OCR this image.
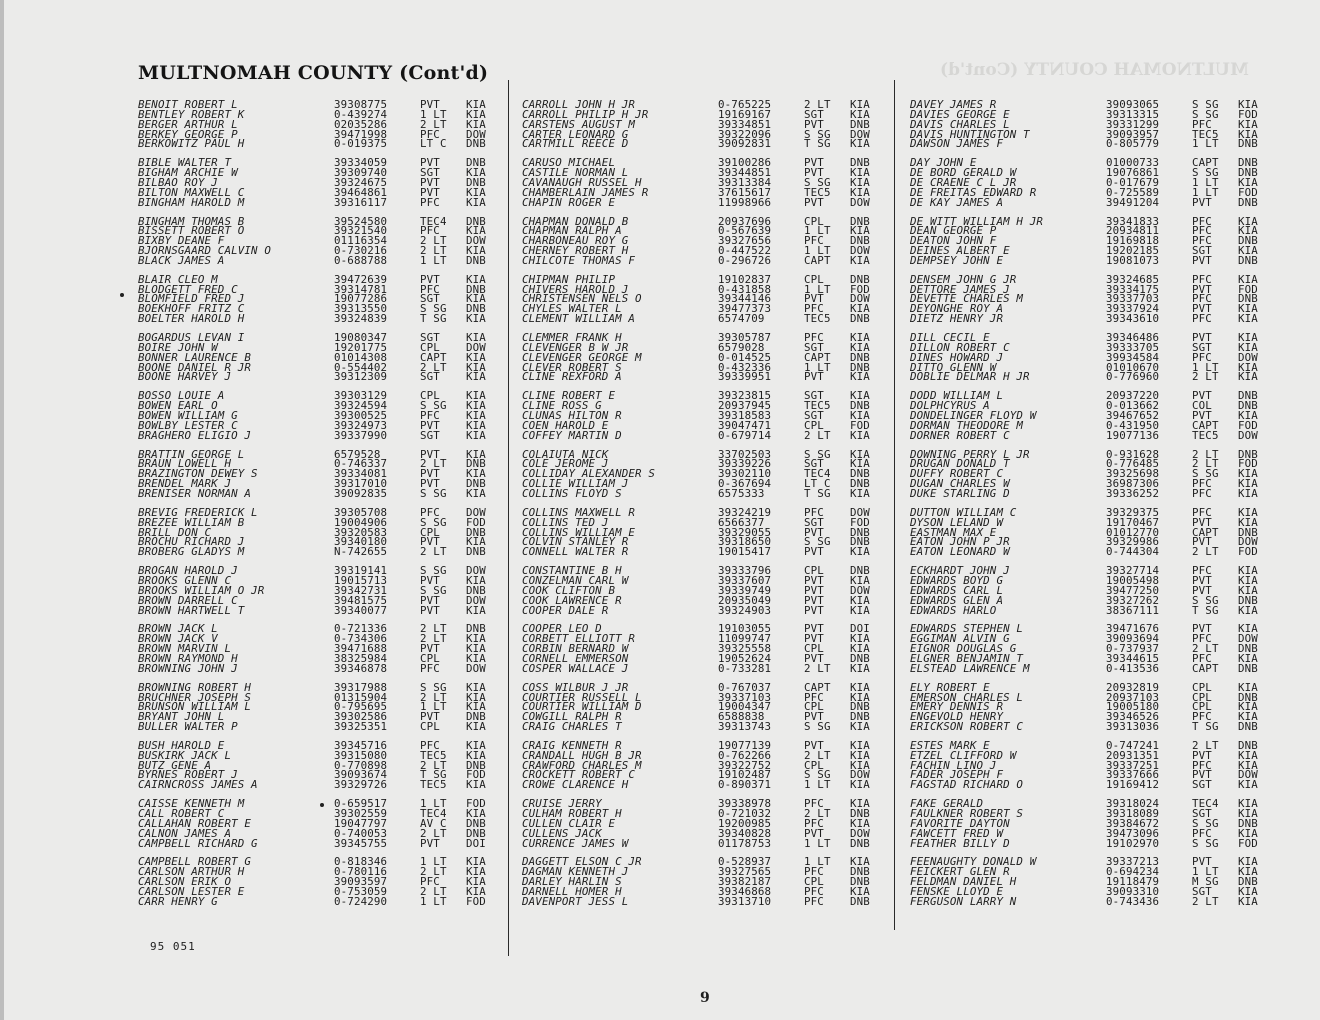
MULTNOMAH COUNTY (Cont'd)
MULTNOMAH COUNTY (Cont'd)
BENOIT ROBERT L	39308775	PVT	KIA
BENTLEY ROBERT K	0-439274	1 LT	KIA
BERGER ARTHUR L	02035286	2 LT	KIA
BERKEY GEORGE P	39471998	PFC	DOW
BERKOWITZ PAUL H	0-019375	LT C	DNB
BIBLE WALTER T	39334059	PVT	DNB
BIGHAM ARCHIE W	39309740	SGT	KIA
BILBAO ROY J	39324675	PVT	DNB
BILTON MAXWELL C	39464861	PVT	KIA
BINGHAM HAROLD M	39316117	PFC	KIA
BINGHAM THOMAS B	39524580	TEC4	DNB
BISSETT ROBERT O	39321540	PFC	KIA
BIXBY DEANE F	01116354	2 LT	DOW
BJORNSGAARD CALVIN O	0-730216	2 LT	KIA
BLACK JAMES A	0-688788	1 LT	DNB
BLAIR CLEO M	39472639	PVT	KIA
BLODGETT FRED C	39314781	PFC	DNB
BLOMFIELD FRED J	19077286	SGT	KIA
BOEKHOFF FRITZ C	39313550	S SG	DNB
BOELTER HAROLD H	39324839	T SG	KIA
BOGARDUS LEVAN I	19080347	SGT	KIA
BOIRE JOHN W	19201775	CPL	DOW
BONNER LAURENCE B	01014308	CAPT	KIA
BOONE DANIEL R JR	0-554402	2 LT	KIA
BOONE HARVEY J	39312309	SGT	KIA
BOSSO LOUIE A	39303129	CPL	KIA
BOWEN EARL O	39324594	S SG	KIA
BOWEN WILLIAM G	39300525	PFC	KIA
BOWLBY LESTER C	39324973	PVT	KIA
BRAGHERO ELIGIO J	39337990	SGT	KIA
BRATTIN GEORGE L	6579528	PVT	KIA
BRAUN LOWELL H	0-746337	2 LT	DNB
BRAZINGTON DEWEY S	39334081	PVT	KIA
BRENDEL MARK J	39317010	PVT	DNB
BRENISER NORMAN A	39092835	S SG	KIA
BREVIG FREDERICK L	39305708	PFC	DOW
BREZEE WILLIAM B	19004906	S SG	FOD
BRILL DON C	39320583	CPL	DNB
BROCHU RICHARD J	39340180	PVT	KIA
BROBERG GLADYS M	N-742655	2 LT	DNB
BROGAN HAROLD J	39319141	S SG	DOW
BROOKS GLENN C	19015713	PVT	KIA
BROOKS WILLIAM O JR	39342731	S SG	DNB
BROWN DARRELL C	39481575	PVT	DOW
BROWN HARTWELL T	39340077	PVT	KIA
BROWN JACK L	0-721336	2 LT	DNB
BROWN JACK V	0-734306	2 LT	KIA
BROWN MARVIN L	39471688	PVT	KIA
BROWN RAYMOND H	38325984	CPL	KIA
BROWNING JOHN J	39346878	PFC	DOW
BROWNING ROBERT H	39317988	S SG	KIA
BRUCHNER JOSEPH S	01315904	2 LT	KIA
BRUNSON WILLIAM L	0-795695	1 LT	KIA
BRYANT JOHN L	39302586	PVT	DNB
BULLER WALTER P	39325351	CPL	KIA
BUSH HAROLD E	39345716	PFC	KIA
BUSKIRK JACK L	39315080	TEC5	KIA
BUTZ GENE A	0-770898	2 LT	DNB
BYRNES ROBERT J	39093674	T SG	FOD
CAIRNCROSS JAMES A	39329726	TEC5	KIA
CAISSE KENNETH M	0-659517	1 LT	FOD
CALL ROBERT C	39302559	TEC4	KIA
CALLAHAN ROBERT E	19047797	AV C	DNB
CALNON JAMES A	0-740053	2 LT	DNB
CAMPBELL RICHARD G	39345755	PVT	DOI
CAMPBELL ROBERT G	0-818346	1 LT	KIA
CARLSON ARTHUR H	0-780116	2 LT	KIA
CARLSON ERIK O	39093597	PFC	KIA
CARLSON LESTER E	0-753059	2 LT	KIA
CARR HENRY G	0-724290	1 LT	FOD
CARROLL JOHN H JR	0-765225	2 LT	KIA
CARROLL PHILIP H JR	19169167	SGT	KIA
CARSTENS AUGUST M	39334851	PVT	DNB
CARTER LEONARD G	39322096	S SG	DOW
CARTMILL REECE D	39092831	T SG	KIA
CARUSO MICHAEL	39100286	PVT	DNB
CASTILE NORMAN L	39344851	PVT	KIA
CAVANAUGH RUSSEL H	39313384	S SG	KIA
CHAMBERLAIN JAMES R	37615617	TEC5	KIA
CHAPIN ROGER E	11998966	PVT	DOW
CHAPMAN DONALD B	20937696	CPL	DNB
CHAPMAN RALPH A	0-567639	1 LT	KIA
CHARBONEAU ROY G	39327656	PFC	DNB
CHERNEY ROBERT H	0-447522	1 LT	DOW
CHILCOTE THOMAS F	0-296726	CAPT	KIA
CHIPMAN PHILIP	19102837	CPL	DNB
CHIVERS HAROLD J	0-431858	1 LT	FOD
CHRISTENSEN NELS O	39344146	PVT	DOW
CHYLES WALTER L	39477373	PFC	KIA
CLEMENT WILLIAM A	6574709	TEC5	DNB
CLEMMER FRANK H	39305787	PFC	KIA
CLEVENGER B W JR	6579028	SGT	KIA
CLEVENGER GEORGE M	0-014525	CAPT	DNB
CLEVER ROBERT S	0-432336	1 LT	DNB
CLINE REXFORD A	39339951	PVT	KIA
CLINE ROBERT E	39323815	SGT	KIA
CLINE ROSS G	20937945	TEC5	DNB
CLUNAS HILTON R	39318583	SGT	KIA
COEN HAROLD E	39047471	CPL	FOD
COFFEY MARTIN D	0-679714	2 LT	KIA
COLAIUTA NICK	33702503	S SG	KIA
COLE JEROME J	39339226	SGT	KIA
COLLIDAY ALEXANDER S	39302110	TEC4	DNB
COLLIE WILLIAM J	0-367694	LT C	DNB
COLLINS FLOYD S	6575333	T SG	KIA
COLLINS MAXWELL R	39324219	PFC	DOW
COLLINS TED J	6566377	SGT	FOD
COLLINS WILLIAM E	39329055	PVT	DNB
COLVIN STANLEY R	39318650	S SG	DNB
CONNELL WALTER R	19015417	PVT	KIA
CONSTANTINE B H	39333796	CPL	DNB
CONZELMAN CARL W	39337607	PVT	KIA
COOK CLIFTON B	39339749	PVT	DOW
COOK LAWRENCE R	20935049	PVT	KIA
COOPER DALE R	39324903	PVT	KIA
COOPER LEO D	19103055	PVT	DOI
CORBETT ELLIOTT R	11099747	PVT	KIA
CORBIN BERNARD W	39325558	CPL	KIA
CORNELL EMMERSON	19052624	PVT	DNB
COSPER WALLACE J	0-733281	2 LT	KIA
COSS WILBUR J JR	0-767037	CAPT	KIA
COURTIER RUSSELL L	39337103	PFC	KIA
COURTIER WILLIAM D	19004347	CPL	DNB
COWGILL RALPH R	6588838	PVT	DNB
CRAIG CHARLES T	39313743	S SG	KIA
CRAIG KENNETH R	19077139	PVT	KIA
CRANDALL HUGH B JR	0-762266	2 LT	KIA
CRAWFORD CHARLES M	39322752	CPL	KIA
CROCKETT ROBERT C	19102487	S SG	DOW
CROWE CLARENCE H	0-890371	1 LT	KIA
CRUISE JERRY	39338978	PFC	KIA
CULHAM ROBERT H	0-721032	2 LT	DNB
CULLEN CLAIR E	19200985	PFC	KIA
CULLENS JACK	39340828	PVT	DOW
CURRENCE JAMES W	01178753	1 LT	DNB
DAGGETT ELSON C JR	0-528937	1 LT	KIA
DAGMAN KENNETH J	39327565	PFC	DNB
DARLEY HARLIN S	39382187	CPL	DNB
DARNELL HOMER H	39346868	PFC	KIA
DAVENPORT JESS L	39313710	PFC	DNB
DAVEY JAMES R	39093065	S SG	KIA
DAVIES GEORGE E	39313315	S SG	FOD
DAVIS CHARLES L	39331299	PFC	KIA
DAVIS HUNTINGTON T	39093957	TEC5	KIA
DAWSON JAMES F	0-805779	1 LT	DNB
DAY JOHN E	01000733	CAPT	DNB
DE BORD GERALD W	19076861	S SG	DNB
DE CRAENE C L JR	0-017679	1 LT	KIA
DE FREITAS EDWARD R	0-725589	1 LT	FOD
DE KAY JAMES A	39491204	PVT	DNB
DE WITT WILLIAM H JR	39341833	PFC	KIA
DEAN GEORGE P	20934811	PFC	KIA
DEATON JOHN F	19169818	PFC	DNB
DEINES ALBERT E	19202185	SGT	KIA
DEMPSEY JOHN E	19081073	PVT	DNB
DENSEM JOHN G JR	39324685	PFC	KIA
DETTORE JAMES J	39334175	PVT	FOD
DEVETTE CHARLES M	39337703	PFC	DNB
DEYONGHE ROY A	39337924	PVT	KIA
DIETZ HENRY JR	39343610	PFC	KIA
DILL CECIL E	39346486	PVT	KIA
DILLON ROBERT C	39333705	SGT	KIA
DINES HOWARD J	39934584	PFC	DOW
DITTO GLENN W	01010670	1 LT	KIA
DOBLIE DELMAR H JR	0-776960	2 LT	KIA
DODD WILLIAM L	20937220	PVT	DNB
DOLPHCYRUS A	0-013662	COL	DNB
DONDELINGER FLOYD W	39467652	PVT	KIA
DORMAN THEODORE M	0-431950	CAPT	FOD
DORNER ROBERT C	19077136	TEC5	DOW
DOWNING PERRY L JR	0-931628	2 LT	DNB
DRUGAN DONALD T	0-776485	2 LT	FOD
DUFFY ROBERT C	39325698	S SG	KIA
DUGAN CHARLES W	36987306	PFC	KIA
DUKE STARLING D	39336252	PFC	KIA
DUTTON WILLIAM C	39329375	PFC	KIA
DYSON LELAND W	19170467	PVT	KIA
EASTMAN MAX E	01012770	CAPT	DNB
EATON JOHN P JR	39329986	PVT	DOW
EATON LEONARD W	0-744304	2 LT	FOD
ECKHARDT JOHN J	39327714	PFC	KIA
EDWARDS BOYD G	19005498	PVT	KIA
EDWARDS CARL L	39477250	PVT	KIA
EDWARDS GLEN A	39327262	S SG	DNB
EDWARDS HARLO	38367111	T SG	KIA
EDWARDS STEPHEN L	39471676	PVT	KIA
EGGIMAN ALVIN G	39093694	PFC	DOW
EIGNOR DOUGLAS G	0-737937	2 LT	DNB
ELGNER BENJAMIN T	39344615	PFC	KIA
ELSTEAD LAWRENCE M	0-413536	CAPT	DNB
ELY ROBERT E	20932819	CPL	KIA
EMERSON CHARLES L	20937103	CPL	DNB
EMERY DENNIS R	19005180	CPL	KIA
ENGEVOLD HENRY	39346526	PFC	KIA
ERICKSON ROBERT C	39313036	T SG	DNB
ESTES MARK E	0-747241	2 LT	DNB
ETZEL CLIFFORD W	20931351	PVT	KIA
FACHIN LINO J	39337251	PFC	KIA
FADER JOSEPH F	39337666	PVT	DOW
FAGSTAD RICHARD O	19169412	SGT	KIA
FAKE GERALD	39318024	TEC4	KIA
FAULKNER ROBERT S	39318089	SGT	KIA
FAVORITE DAYTON	39384672	S SG	DNB
FAWCETT FRED W	39473096	PFC	KIA
FEATHER BILLY D	19102970	S SG	FOD
FEENAUGHTY DONALD W	39337213	PVT	KIA
FEICKERT GLEN R	0-694234	1 LT	KIA
FELDMAN DANIEL H	19118479	M SG	DNB
FENSKE LLOYD E	39093310	SGT	KIA
FERGUSON LARRY N	0-743436	2 LT	KIA
95 051
9
